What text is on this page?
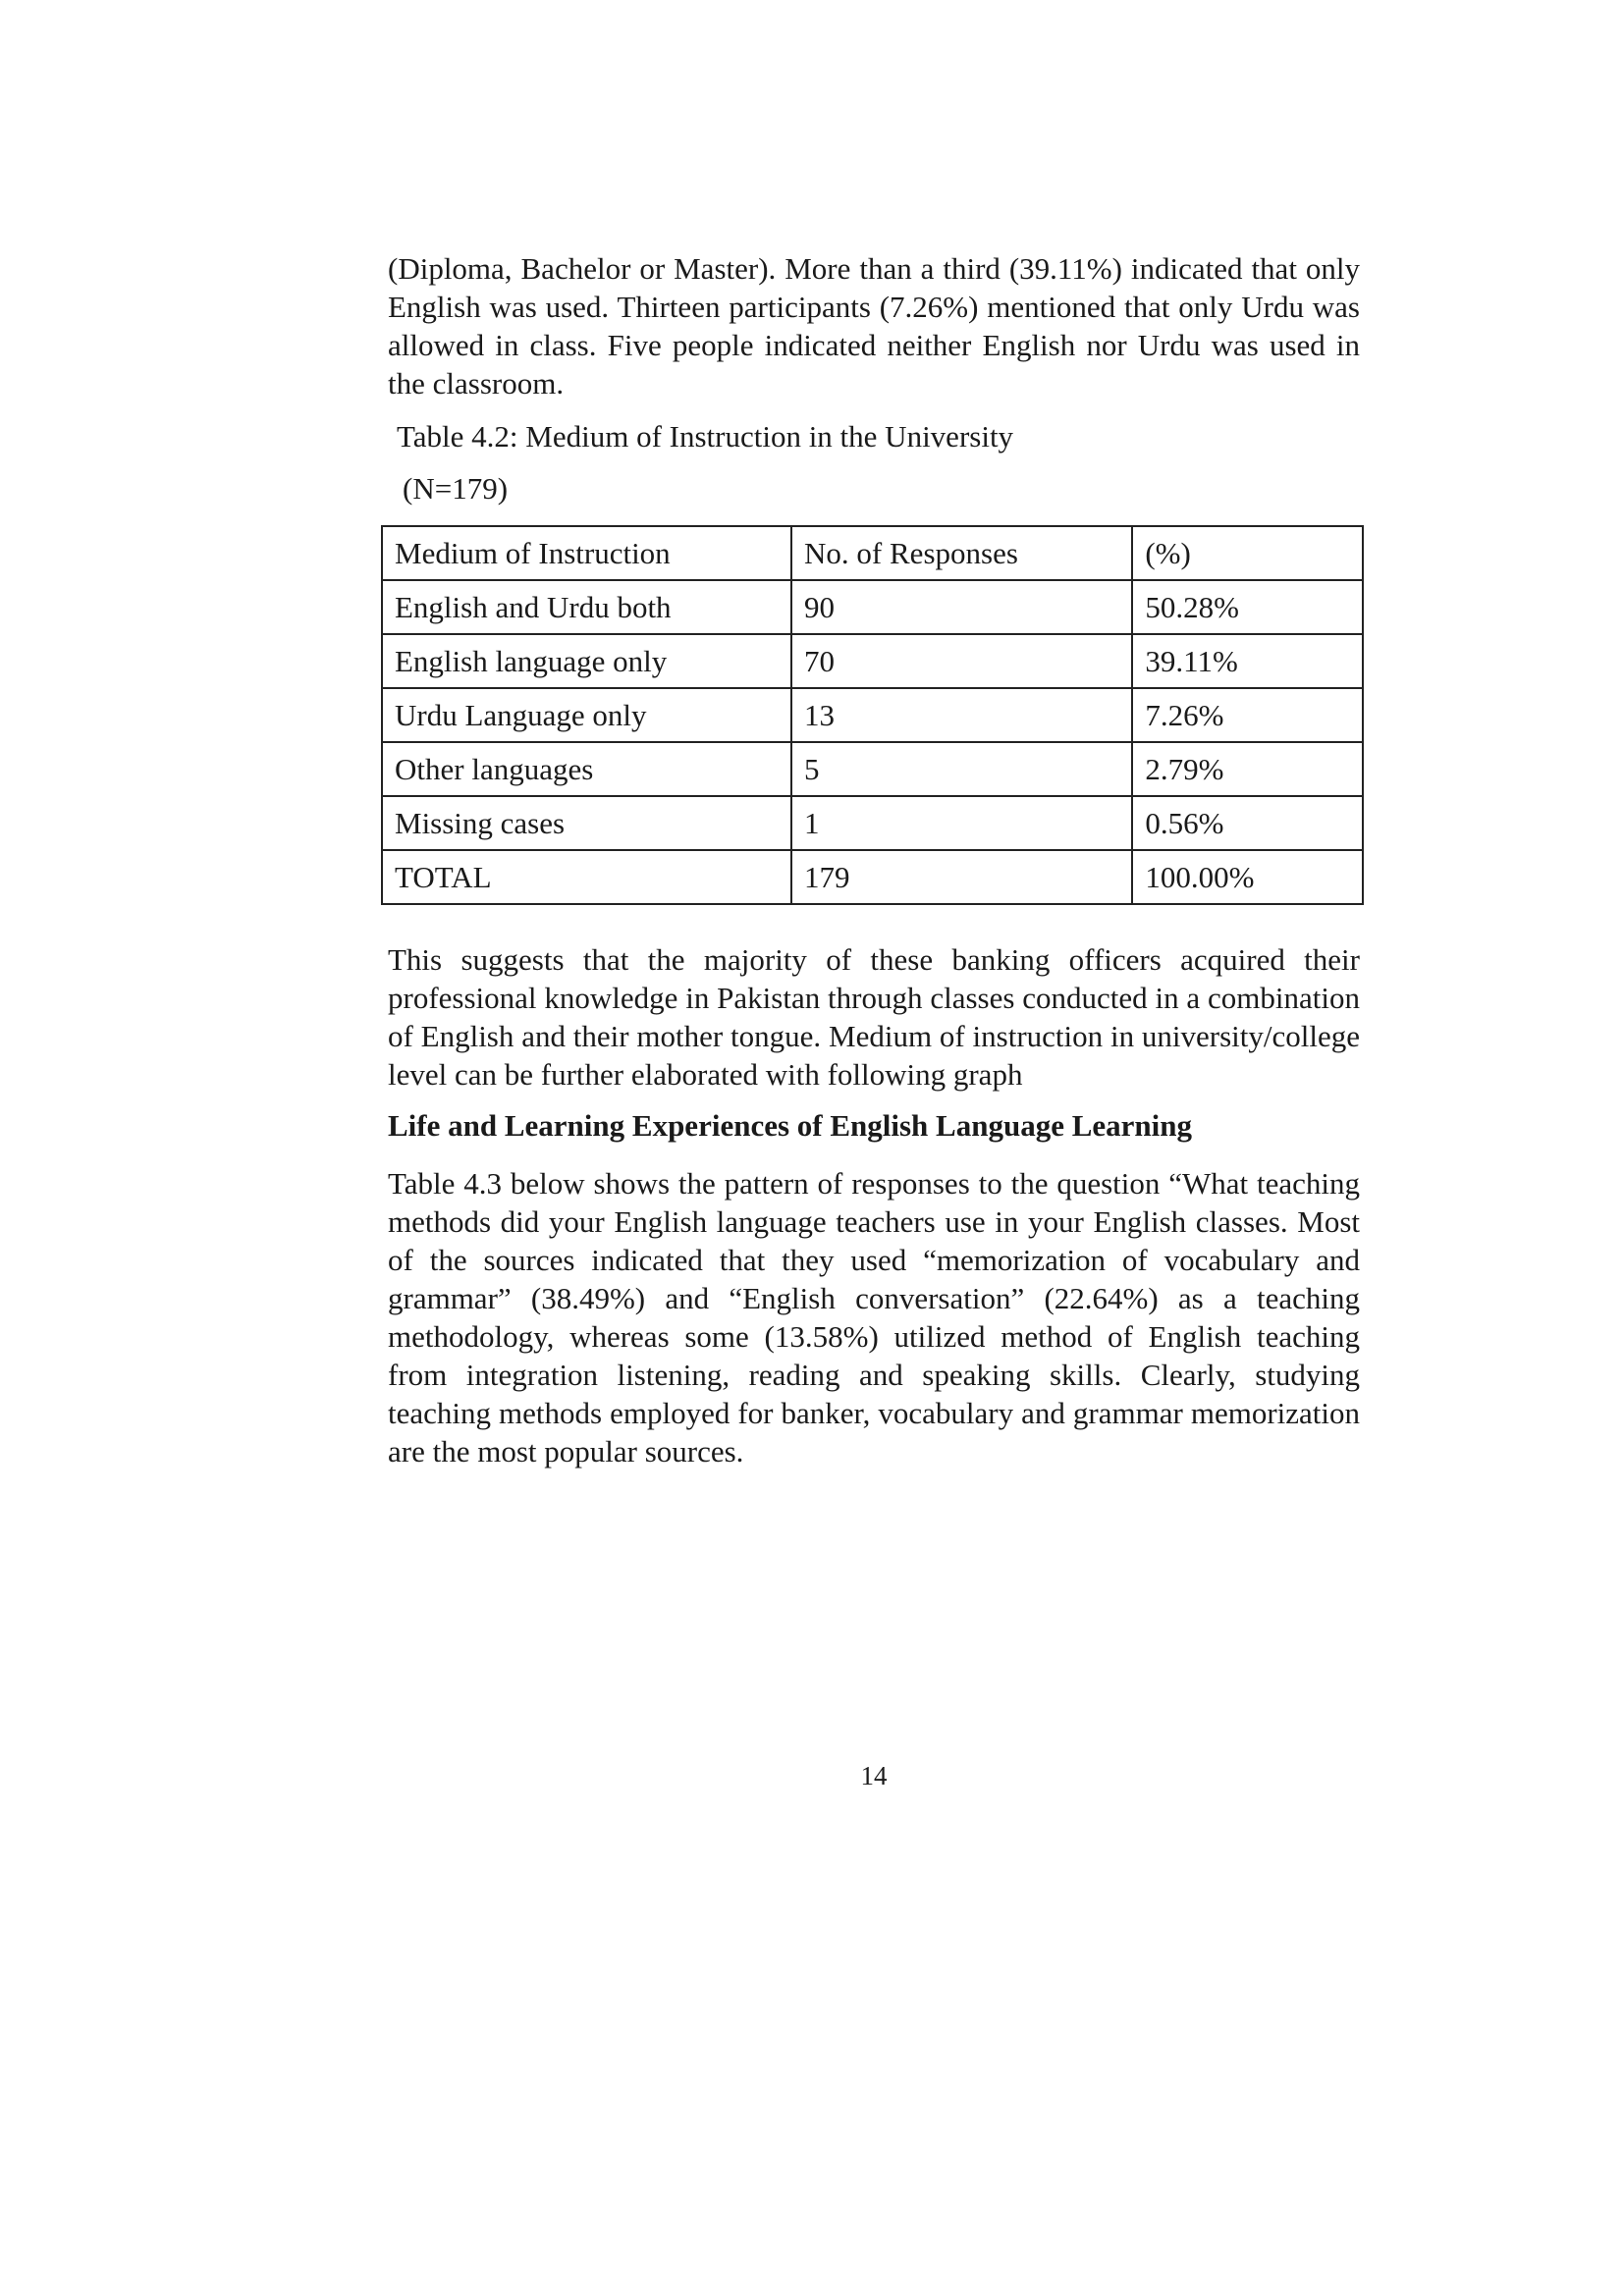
(Diploma, Bachelor or Master). More than a third (39.11%) indicated that only English was used. Thirteen participants (7.26%) mentioned that only Urdu was allowed in class. Five people indicated neither English nor Urdu was used in the classroom.

Table 4.2: Medium of Instruction in the University
(N=179)
Medium of Instruction	No. of Responses	(%)
English and Urdu both	90	50.28%
English language only	70	39.11%
Urdu Language only	13	7.26%
Other languages	5	2.79%
Missing cases	1	0.56%
TOTAL	179	100.00%

This suggests that the majority of these banking officers acquired their professional knowledge in Pakistan through classes conducted in a combination of English and their mother tongue. Medium of instruction in university/college level can be further elaborated with following graph

Life and Learning Experiences of English Language Learning

Table 4.3 below shows the pattern of responses to the question “What teaching methods did your English language teachers use in your English classes. Most of the sources indicated that they used “memorization of vocabulary and grammar” (38.49%) and “English conversation” (22.64%) as a teaching methodology, whereas some (13.58%) utilized method of English teaching from integration listening, reading and speaking skills. Clearly, studying teaching methods employed for banker, vocabulary and grammar memorization are the most popular sources.

14
